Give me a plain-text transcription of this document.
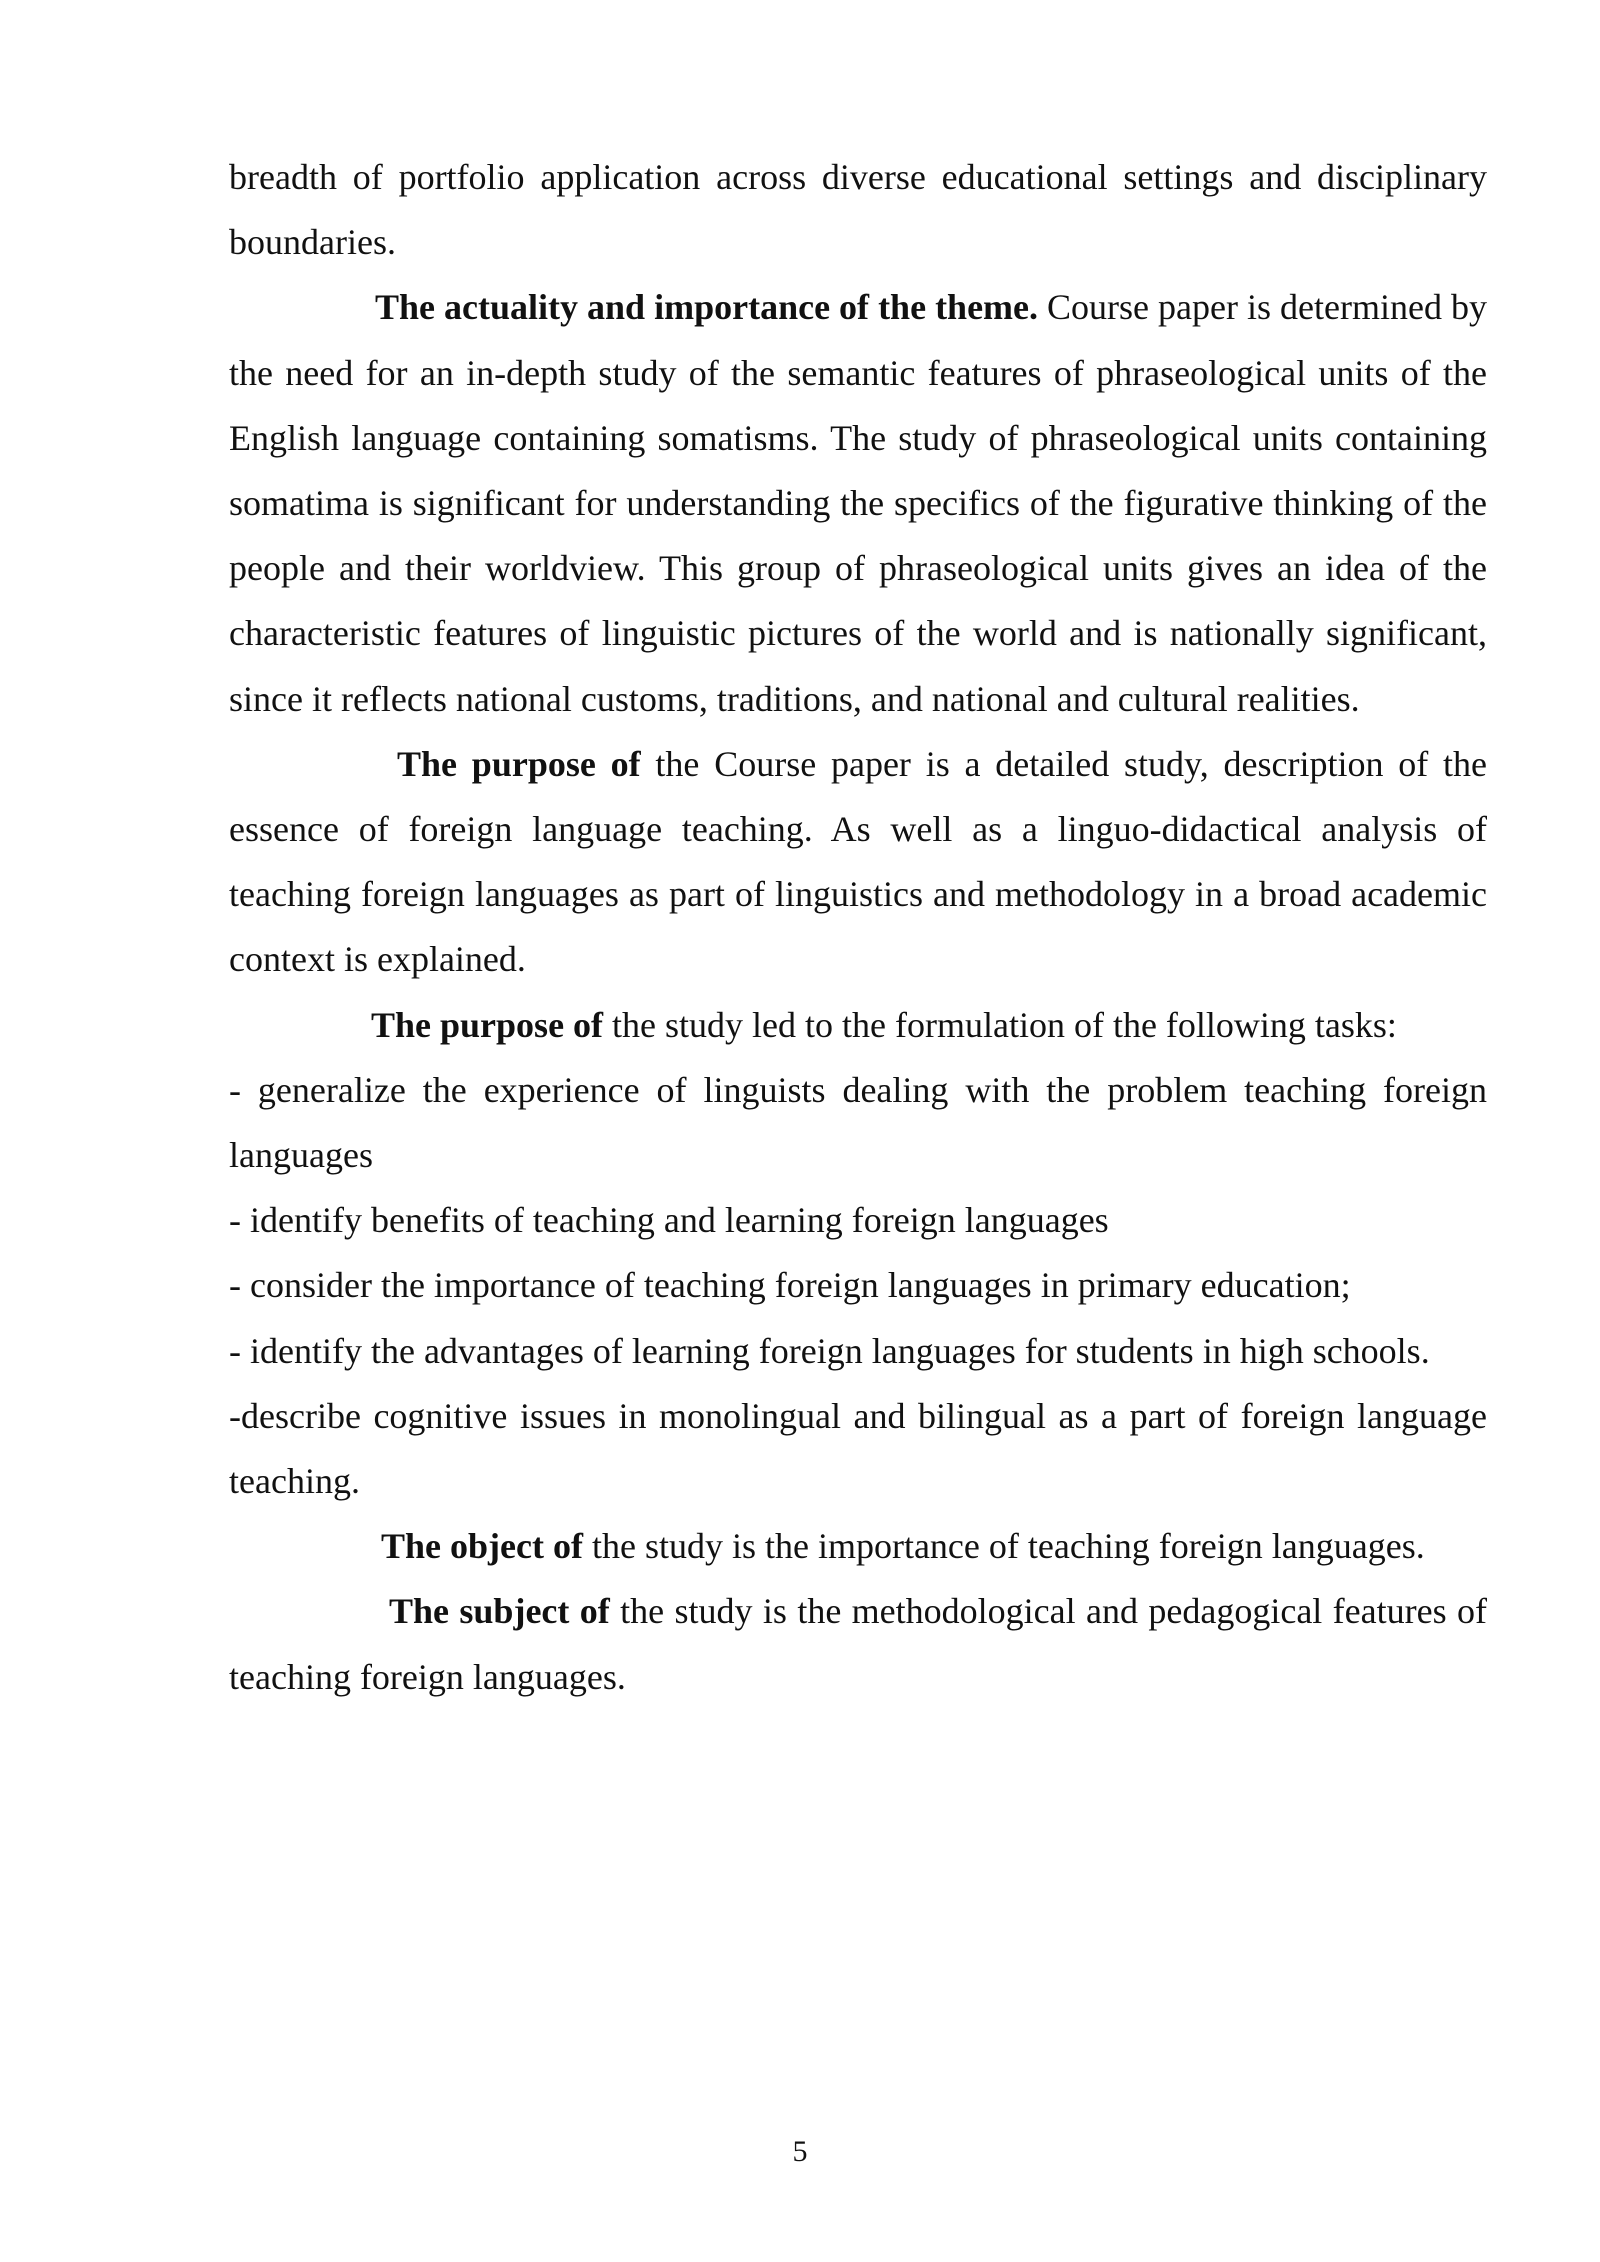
breadth of portfolio application across diverse educational settings and disciplinary boundaries.

The actuality and importance of the theme. Course paper is determined by the need for an in-depth study of the semantic features of phraseological units of the English language containing somatisms. The study of phraseological units containing somatima is significant for understanding the specifics of the figurative thinking of the people and their worldview. This group of phraseological units gives an idea of the characteristic features of linguistic pictures of the world and is nationally significant, since it reflects national customs, traditions, and national and cultural realities.

The purpose of the Course paper is a detailed study, description of the essence of foreign language teaching. As well as a linguo-didactical analysis of teaching foreign languages as part of linguistics and methodology in a broad academic context is explained.

The purpose of the study led to the formulation of the following tasks:

- generalize the experience of linguists dealing with the problem teaching foreign languages

- identify benefits of teaching and learning foreign languages

- consider the importance of teaching foreign languages in primary education;

- identify the advantages of learning foreign languages for students in high schools.

-describe cognitive issues in monolingual and bilingual as a part of foreign language teaching.

The object of the study is the importance of teaching foreign languages.

The subject of the study is the methodological and pedagogical features of teaching foreign languages.

5
